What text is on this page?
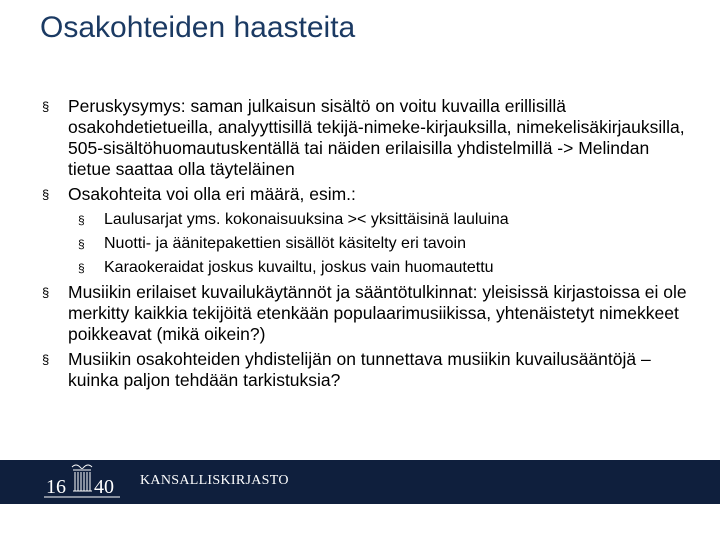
Osakohteiden haasteita
§ Peruskysymys: saman julkaisun sisältö on voitu kuvailla erillisillä osakohdetietueilla, analyyttisillä tekijä-nimeke-kirjauksilla, nimekelisäkirjauksilla, 505-sisältöhuomautuskentällä tai näiden erilaisilla yhdistelmillä -> Melindan tietue saattaa olla täyteläinen
§ Osakohteita voi olla eri määrä, esim.:
§ Laulusarjat yms. kokonaisuuksina >< yksittäisinä lauluina
§ Nuotti- ja äänitepakettien sisällöt käsitelty eri tavoin
§ Karaokeraidat joskus kuvailtu, joskus vain huomautettu
§ Musiikin erilaiset kuvailukäytännöt ja sääntötulkinnat: yleisissä kirjastoissa ei ole merkitty kaikkia tekijöitä etenkään populaarimusiikissa, yhtenäistetyt nimekkeet poikkeavat (mikä oikein?)
§ Musiikin osakohteiden yhdistelijän on tunnettava musiikin kuvailusääntöjä – kuinka paljon tehdään tarkistuksia?
16 40 KANSALLISKIRJASTO
